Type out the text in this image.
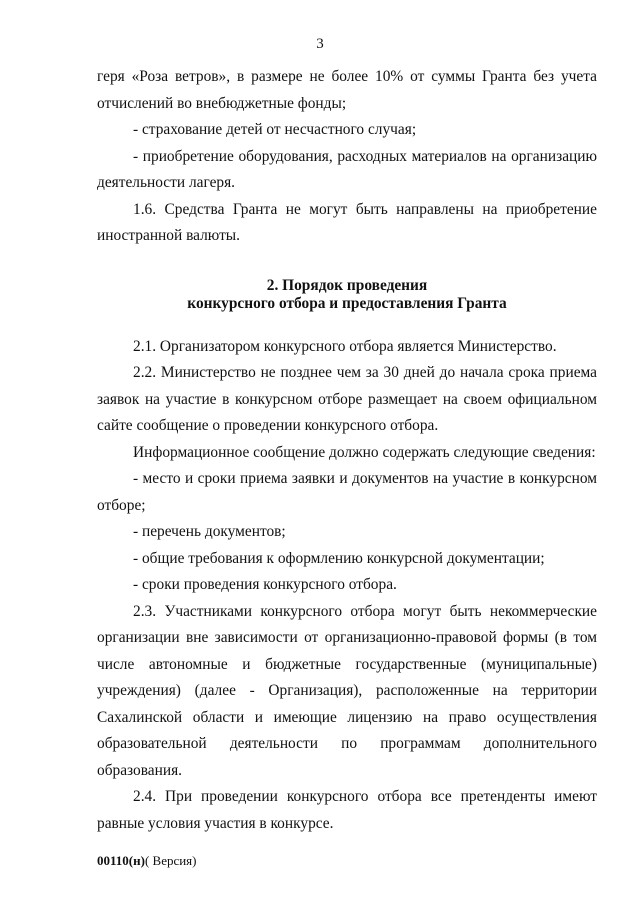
3

геря «Роза ветров», в размере не более 10% от суммы Гранта без учета отчислений во внебюджетные фонды;

- страхование детей от несчастного случая;

- приобретение оборудования, расходных материалов на организацию деятельности лагеря.

1.6. Средства Гранта не могут быть направлены на приобретение иностранной валюты.

2. Порядок проведения
конкурсного отбора и предоставления Гранта

2.1. Организатором конкурсного отбора является Министерство.

2.2. Министерство не позднее чем за 30 дней до начала срока приема заявок на участие в конкурсном отборе размещает на своем официальном сайте сообщение о проведении конкурсного отбора.

Информационное сообщение должно содержать следующие сведения:

- место и сроки приема заявки и документов на участие в конкурсном отборе;

- перечень документов;

- общие требования к оформлению конкурсной документации;

- сроки проведения конкурсного отбора.

2.3. Участниками конкурсного отбора могут быть некоммерческие организации вне зависимости от организационно-правовой формы (в том числе автономные и бюджетные государственные (муниципальные) учреждения) (далее - Организация), расположенные на территории Сахалинской области и имеющие лицензию на право осуществления образовательной деятельности по программам дополнительного образования.

2.4. При проведении конкурсного отбора все претенденты имеют равные условия участия в конкурсе.

00110(н)( Версия)
